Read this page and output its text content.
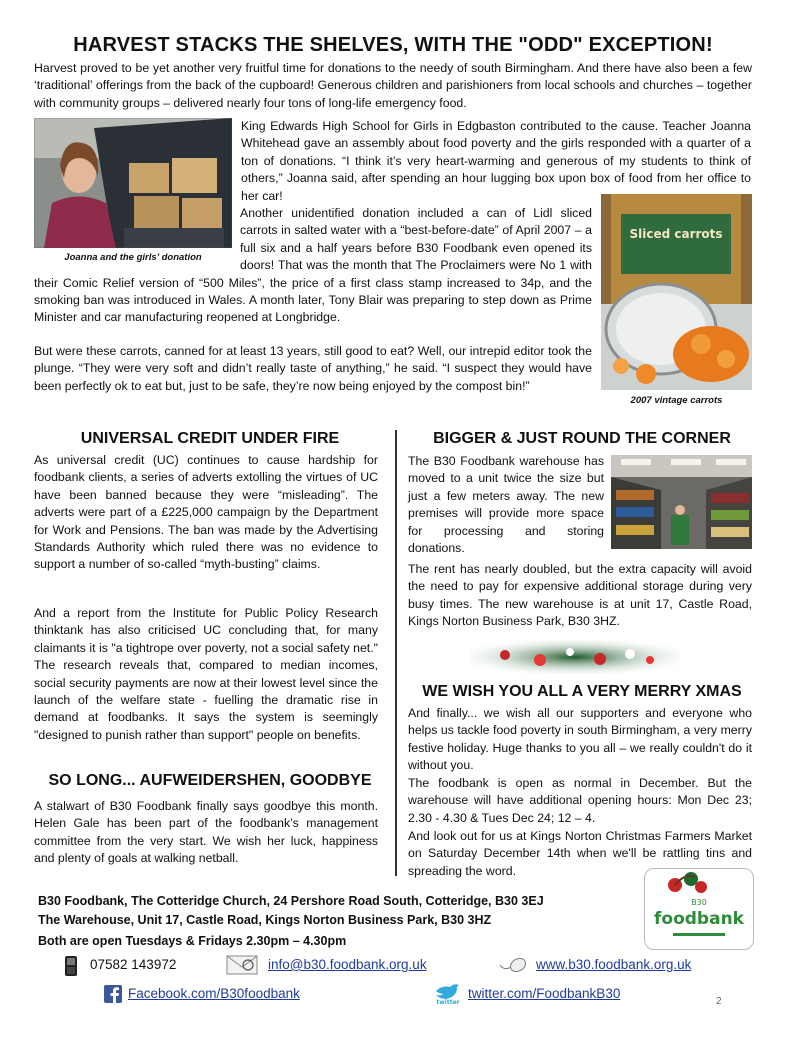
HARVEST STACKS THE SHELVES, WITH THE "ODD" EXCEPTION!

Harvest proved to be yet another very fruitful time for donations to the needy of south Birmingham. And there have also been a few ‘traditional’ offerings from the back of the cupboard! Generous children and parishioners from local schools and churches – together with community groups – delivered nearly four tons of long-life emergency food.

Joanna and the girls’ donation

King Edwards High School for Girls in Edgbaston contributed to the cause. Teacher Joanna Whitehead gave an assembly about food poverty and the girls responded with a quarter of a ton of donations. “I think it’s very heart-warming and generous of my students to think of others,” Joanna said, after spending an hour lugging box upon box of food from her office to her car!

Sliced carrots
2007 vintage carrots

Another unidentified donation included a can of Lidl sliced carrots in salted water with a “best-before-date” of April 2007 – a full six and a half years before B30 Foodbank even opened its doors! That was the month that The Proclaimers were No 1 with their Comic Relief version of “500 Miles”, the price of a first class stamp increased to 34p, and the smoking ban was introduced in Wales. A month later, Tony Blair was preparing to step down as Prime Minister and car manufacturing reopened at Longbridge.

But were these carrots, canned for at least 13 years, still good to eat? Well, our intrepid editor took the plunge. “They were very soft and didn’t really taste of anything,” he said. “I suspect they would have been perfectly ok to eat but, just to be safe, they’re now being enjoyed by the compost bin!”

UNIVERSAL CREDIT UNDER FIRE

As universal credit (UC) continues to cause hardship for foodbank clients, a series of adverts extolling the virtues of UC have been banned because they were “misleading”. The adverts were part of a £225,000 campaign by the Department for Work and Pensions. The ban was made by the Advertising Standards Authority which ruled there was no evidence to support a number of so-called “myth-busting” claims.

And a report from the Institute for Public Policy Research thinktank has also criticised UC concluding that, for many claimants it is "a tightrope over poverty, not a social safety net." The research reveals that, compared to median incomes, social security payments are now at their lowest level since the launch of the welfare state - fuelling the dramatic rise in demand at foodbanks. It says the system is seemingly "designed to punish rather than support" people on benefits.

SO LONG... AUFWEIDERSHEN, GOODBYE

A stalwart of B30 Foodbank finally says goodbye this month. Helen Gale has been part of the foodbank’s management committee from the very start. We wish her luck, happiness and plenty of goals at walking netball.

BIGGER & JUST ROUND THE CORNER

The B30 Foodbank warehouse has moved to a unit twice the size but just a few meters away. The new premises will provide more space for processing and storing donations.

The rent has nearly doubled, but the extra capacity will avoid the need to pay for expensive additional storage during very busy times. The new warehouse is at unit 17, Castle Road, Kings Norton Business Park, B30 3HZ.

WE WISH YOU ALL A VERY MERRY XMAS

And finally... we wish all our supporters and everyone who helps us tackle food poverty in south Birmingham, a very merry festive holiday. Huge thanks to you all – we really couldn't do it without you.

The foodbank is open as normal in December. But the warehouse will have additional opening hours: Mon Dec 23; 2.30 - 4.30 & Tues Dec 24; 12 – 4.

And look out for us at Kings Norton Christmas Farmers Market on Saturday December 14th when we'll be rattling tins and spreading the word.

B30 Foodbank, The Cotteridge Church, 24 Pershore Road South, Cotteridge, B30 3EJ
The Warehouse, Unit 17, Castle Road, Kings Norton Business Park, B30 3HZ
Both are open Tuesdays & Fridays 2.30pm – 4.30pm
B30
foodbank
07582 143972	info@b30.foodbank.org.uk	www.b30.foodbank.org.uk
Facebook.com/B30foodbank
twitter
twitter.com/FoodbankB30
2
